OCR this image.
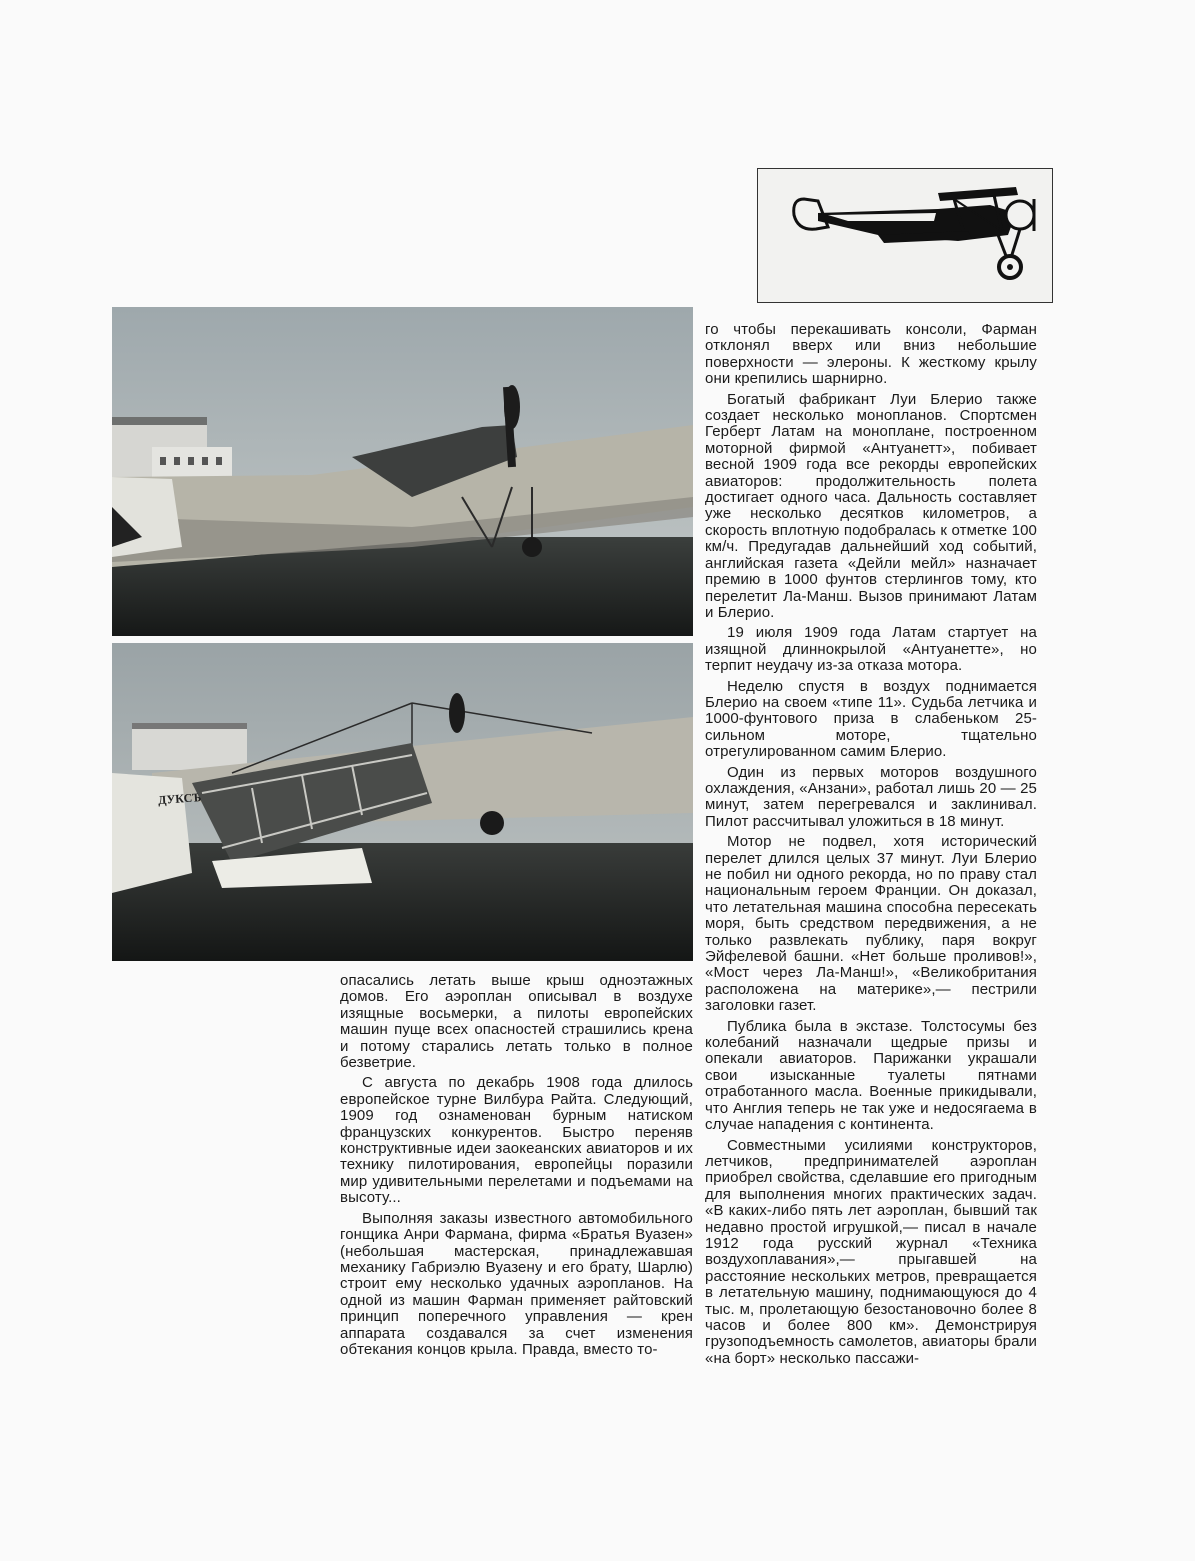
ДУКСЪ

го чтобы перекашивать консоли, Фарман отклонял вверх или вниз небольшие поверхности — элероны. К жесткому крылу они крепились шарнирно.

Богатый фабрикант Луи Блерио также создает несколько монопланов. Спортсмен Герберт Латам на моноплане, построенном моторной фирмой «Антуанетт», побивает весной 1909 года все рекорды европейских авиаторов: продолжительность полета достигает одного часа. Дальность составляет уже несколько десятков километров, а скорость вплотную подобралась к отметке 100 км/ч. Предугадав дальнейший ход событий, английская газета «Дейли мейл» назначает премию в 1000 фунтов стерлингов тому, кто перелетит Ла-Манш. Вызов принимают Латам и Блерио.

19 июля 1909 года Латам стартует на изящной длиннокрылой «Антуанетте», но терпит неудачу из-за отказа мотора.

Неделю спустя в воздух поднимается Блерио на своем «типе 11». Судьба летчика и 1000-фунтового приза в слабеньком 25-сильном моторе, тщательно отрегулированном самим Блерио.

Один из первых моторов воздушного охлаждения, «Анзани», работал лишь 20 — 25 минут, затем перегревался и заклинивал. Пилот рассчитывал уложиться в 18 минут.

Мотор не подвел, хотя исторический перелет длился целых 37 минут. Луи Блерио не побил ни одного рекорда, но по праву стал национальным героем Франции. Он доказал, что летательная машина способна пересекать моря, быть средством передвижения, а не только развлекать публику, паря вокруг Эйфелевой башни. «Нет больше проливов!», «Мост через Ла-Манш!», «Великобритания расположена на материке»,— пестрили заголовки газет.

Публика была в экстазе. Толстосумы без колебаний назначали щедрые призы и опекали авиаторов. Парижанки украшали свои изысканные туалеты пятнами отработанного масла. Военные прикидывали, что Англия теперь не так уже и недосягаема в случае нападения с континента.

Совместными усилиями конструкторов, летчиков, предпринимателей аэроплан приобрел свойства, сделавшие его пригодным для выполнения многих практических задач. «В каких-либо пять лет аэроплан, бывший так недавно простой игрушкой,— писал в начале 1912 года русский журнал «Техника воздухоплавания»,— прыгавшей на расстояние нескольких метров, превращается в летательную машину, поднимающуюся до 4 тыс. м, пролетающую безостановочно более 8 часов и более 800 км». Демонстрируя грузоподъемность самолетов, авиаторы брали «на борт» несколько пассажи-

опасались летать выше крыш одноэтажных домов. Его аэроплан описывал в воздухе изящные восьмерки, а пилоты европейских машин пуще всех опасностей страшились крена и потому старались летать только в полное безветрие.

С августа по декабрь 1908 года длилось европейское турне Вилбура Райта. Следующий, 1909 год ознаменован бурным натиском французских конкурентов. Быстро переняв конструктивные идеи заокеанских авиаторов и их технику пилотирования, европейцы поразили мир удивительными перелетами и подъемами на высоту...

Выполняя заказы известного автомобильного гонщика Анри Фармана, фирма «Братья Вуазен» (небольшая мастерская, принадлежавшая механику Габриэлю Вуазену и его брату, Шарлю) строит ему несколько удачных аэропланов. На одной из машин Фарман применяет райтовский принцип поперечного управления — крен аппарата создавался за счет изменения обтекания концов крыла. Правда, вместо то-
